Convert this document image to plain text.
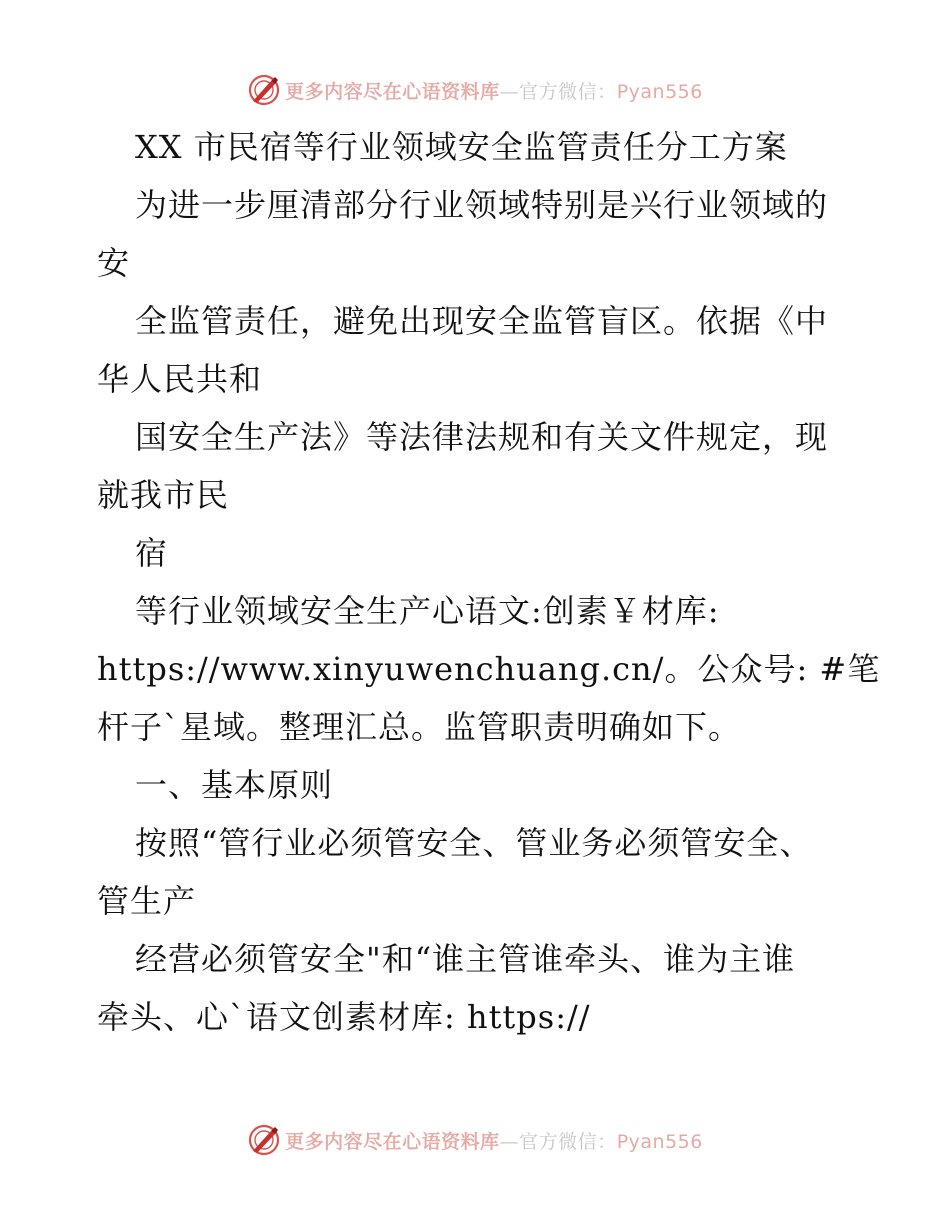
更多内容尽在心语资料库—官方微信：Pyan556
XX 市民宿等行业领域安全监管责任分工方案
为进一步厘清部分行业领域特别是兴行业领域的
安
全监管责任，避免出现安全监管盲区。依据《中
华人民共和
国安全生产法》等法律法规和有关文件规定，现
就我市民
宿
等行业领域安全生产心语文:创素￥材库:
https://www.xinyuwenchuang.cn/。公众号: #笔
杆子`星域。整理汇总。监管职责明确如下。
一、基本原则
按照“管行业必须管安全、管业务必须管安全、
管生产
经营必须管安全"和“谁主管谁牵头、谁为主谁
牵头、心`语文创素材库: https://
更多内容尽在心语资料库—官方微信：Pyan556
